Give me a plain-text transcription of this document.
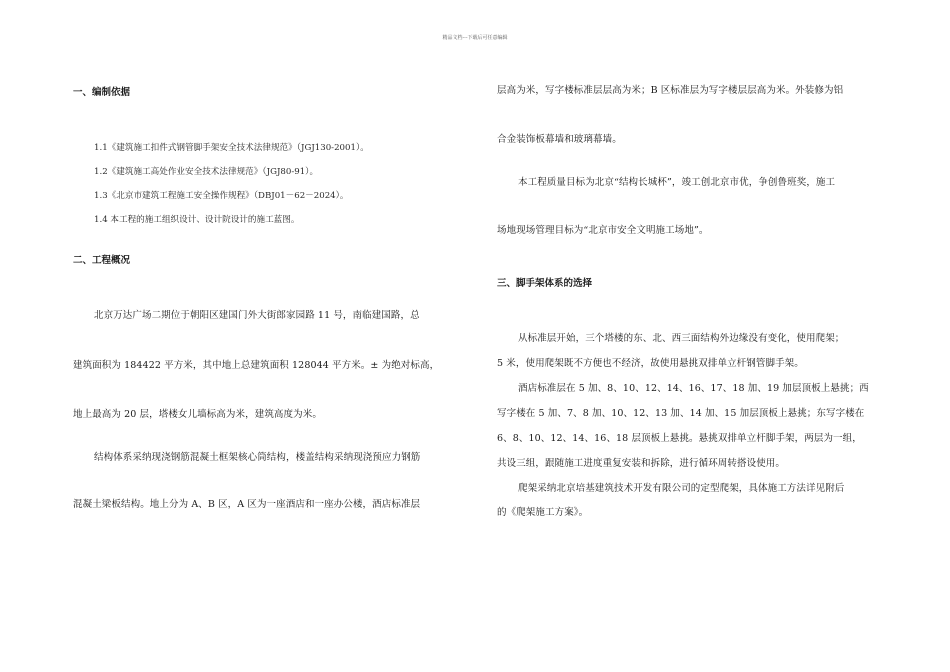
精品文档---下载后可任意编辑
一、编制依据
1.1《建筑施工扣件式钢管脚手架安全技术法律规范》（JGJ130-2001）。
1.2《建筑施工高处作业安全技术法律规范》（JGJ80-91）。
1.3《北京市建筑工程施工安全操作规程》（DBJ01－62－2024）。
1.4 本工程的施工组织设计、设计院设计的施工蓝图。
二、工程概况
北京万达广场二期位于朝阳区建国门外大街郎家园路 11 号，南临建国路，总
建筑面积为 184422 平方米，其中地上总建筑面积 128044 平方米。± 为绝对标高，
地上最高为 20 层，塔楼女儿墙标高为米，建筑高度为米。
结构体系采纳现浇钢筋混凝土框架核心筒结构，楼盖结构采纳现浇预应力钢筋
混凝土梁板结构。地上分为 A、B 区，A 区为一座酒店和一座办公楼，酒店标准层
层高为米，写字楼标准层层高为米；B 区标准层为写字楼层层高为米。外装修为铝
合金装饰板幕墙和玻璃幕墙。
本工程质量目标为北京“结构长城杯”，竣工创北京市优，争创鲁班奖，施工
场地现场管理目标为“北京市安全文明施工场地”。
三、脚手架体系的选择
从标准层开始，三个塔楼的东、北、西三面结构外边缘没有变化，使用爬架；
5 米，使用爬架既不方便也不经济，故使用悬挑双排单立杆钢管脚手架。
酒店标准层在 5 加、8、10、12、14、16、17、18 加、19 加层顶板上悬挑；西
写字楼在 5 加、7、8 加、10、12、13 加、14 加、15 加层顶板上悬挑；东写字楼在
6、8、10、12、14、16、18 层顶板上悬挑。悬挑双排单立杆脚手架，两层为一组，
共设三组，跟随施工进度重复安装和拆除，进行循环周转搭设使用。
爬架采纳北京培基建筑技术开发有限公司的定型爬架，具体施工方法详见附后
的《爬架施工方案》。
